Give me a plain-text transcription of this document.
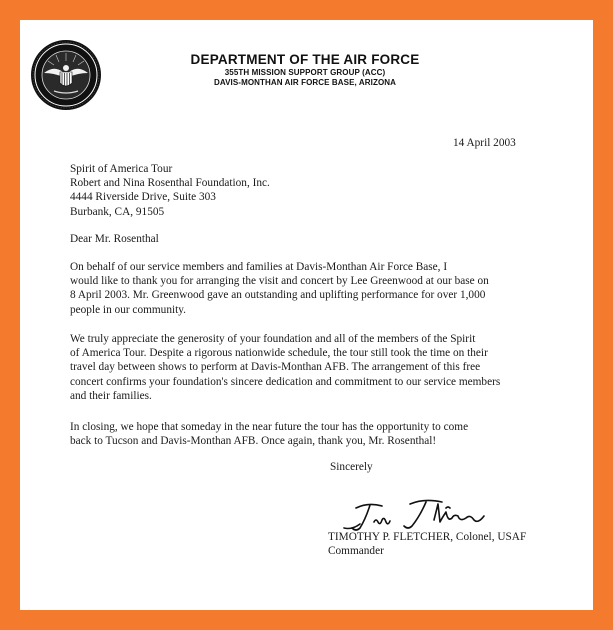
DEPARTMENT OF THE AIR FORCE
355TH MISSION SUPPORT GROUP (ACC)
DAVIS-MONTHAN AIR FORCE BASE, ARIZONA
14 April 2003
Spirit of America Tour
Robert and Nina Rosenthal Foundation, Inc.
4444 Riverside Drive, Suite 303
Burbank, CA, 91505
Dear Mr. Rosenthal
On behalf of our service members and families at Davis-Monthan Air Force Base, I
would like to thank you for arranging the visit and concert by Lee Greenwood at our base on
8 April 2003. Mr. Greenwood gave an outstanding and uplifting performance for over 1,000
people in our community.
We truly appreciate the generosity of your foundation and all of the members of the Spirit
of America Tour. Despite a rigorous nationwide schedule, the tour still took the time on their
travel day between shows to perform at Davis-Monthan AFB. The arrangement of this free
concert confirms your foundation's sincere dedication and commitment to our service members
and their families.
In closing, we hope that someday in the near future the tour has the opportunity to come
back to Tucson and Davis-Monthan AFB. Once again, thank you, Mr. Rosenthal!
Sincerely
TIMOTHY P. FLETCHER, Colonel, USAF
Commander
